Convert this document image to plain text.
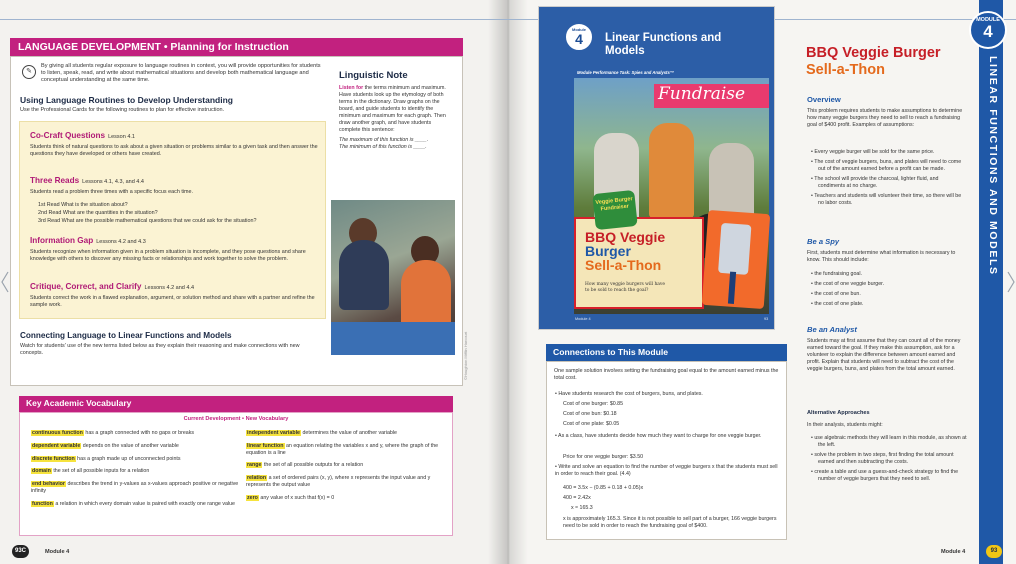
LANGUAGE DEVELOPMENT • Planning for Instruction
✎
By giving all students regular exposure to language routines in context, you will provide opportunities for students to listen, speak, read, and write about mathematical situations and develop both mathematical language and conceptual understanding at the same time.
Using Language Routines to Develop Understanding
Use the Professional Cards for the following routines to plan for effective instruction.
Co-Craft Questions Lesson 4.1
Students think of natural questions to ask about a given situation or problems similar to a given task and then answer the questions they have developed or others have created.
Three Reads Lessons 4.1, 4.3, and 4.4
Students read a problem three times with a specific focus each time.
1st Read What is the situation about?
2nd Read What are the quantities in the situation?
3rd Read What are the possible mathematical questions that we could ask for the situation?
Information Gap Lessons 4.2 and 4.3
Students recognize when information given in a problem situation is incomplete, and they pose questions and share knowledge with others to discover any missing facts or relationships and work together to solve the problem.
Critique, Correct, and Clarify Lessons 4.2 and 4.4
Students correct the work in a flawed explanation, argument, or solution method and share with a partner and refine the sample work.
Connecting Language to Linear Functions and Models
Watch for students' use of the new terms listed below as they explain their reasoning and make connections with new concepts.
Linguistic Note
Listen for the terms minimum and maximum. Have students look up the etymology of both terms in the dictionary. Draw graphs on the board, and guide students to identify the minimum and maximum for each graph. Then draw another graph, and have students complete this sentence:
The maximum of this function is ____.
The minimum of this function is ____.
©Houghton Mifflin Harcourt
Key Academic Vocabulary
Current Development • New Vocabulary
continuous function has a graph connected with no gaps or breaks
dependent variable depends on the value of another variable
discrete function has a graph made up of unconnected points
domain the set of all possible inputs for a relation
end behavior describes the trend in y-values as x-values approach positive or negative infinity
function a relation in which every domain value is paired with exactly one range value
independent variable determines the value of another variable
linear function an equation relating the variables x and y, where the graph of the equation is a line
range the set of all possible outputs for a relation
relation a set of ordered pairs (x, y), where x represents the input value and y represents the output value
zero any value of x such that f(x) = 0
93C	Module 4
Module
4	Linear Functions and
Models
Module Performance Task: Spies and Analysts™
Fundraise
Veggie Burger Fundraiser
BBQ Veggie
Burger
Sell-a-Thon
How many veggie burgers will have to be sold to reach the goal?
Module 4	93
Connections to This Module
One sample solution involves setting the fundraising goal equal to the amount earned minus the total cost.
• Have students research the cost of burgers, buns, and plates.
Cost of one burger: $0.85
Cost of one bun: $0.18
Cost of one plate: $0.05
• As a class, have students decide how much they want to charge for one veggie burger.
Price for one veggie burger: $3.50
• Write and solve an equation to find the number of veggie burgers x that the students must sell in order to reach their goal. (4.4)
400 = 3.5x − (0.85 + 0.18 + 0.05)x
400 = 2.42x
x ≈ 165.3
x is approximately 165.3. Since it is not possible to sell part of a burger, 166 veggie burgers need to be sold in order to reach the fundraising goal of $400.
BBQ Veggie Burger
Sell-a-Thon
Overview
This problem requires students to make assumptions to determine how many veggie burgers they need to sell to reach a fundraising goal of $400 profit. Examples of assumptions:
• Every veggie burger will be sold for the same price.
• The cost of veggie burgers, buns, and plates will need to come out of the amount earned before a profit can be made.
• The school will provide the charcoal, lighter fluid, and condiments at no charge.
• Teachers and students will volunteer their time, so there will be no labor costs.
Be a Spy
First, students must determine what information is necessary to know. This should include:
• the fundraising goal.
• the cost of one veggie burger.
• the cost of one bun.
• the cost of one plate.
Be an Analyst
Students may at first assume that they can count all of the money earned toward the goal. If they make this assumption, ask for a volunteer to explain the difference between amount earned and profit. Explain that students will need to subtract the cost of the veggie burgers, buns, and plates from the total amount earned.
Alternative Approaches
In their analysis, students might:
• use algebraic methods they will learn in this module, as shown at the left.
• solve the problem in two steps, first finding the total amount earned and then subtracting the costs.
• create a table and use a guess-and-check strategy to find the number of veggie burgers that they need to sell.
MODULE
4
LINEAR FUNCTIONS AND MODELS
Module 4	93
